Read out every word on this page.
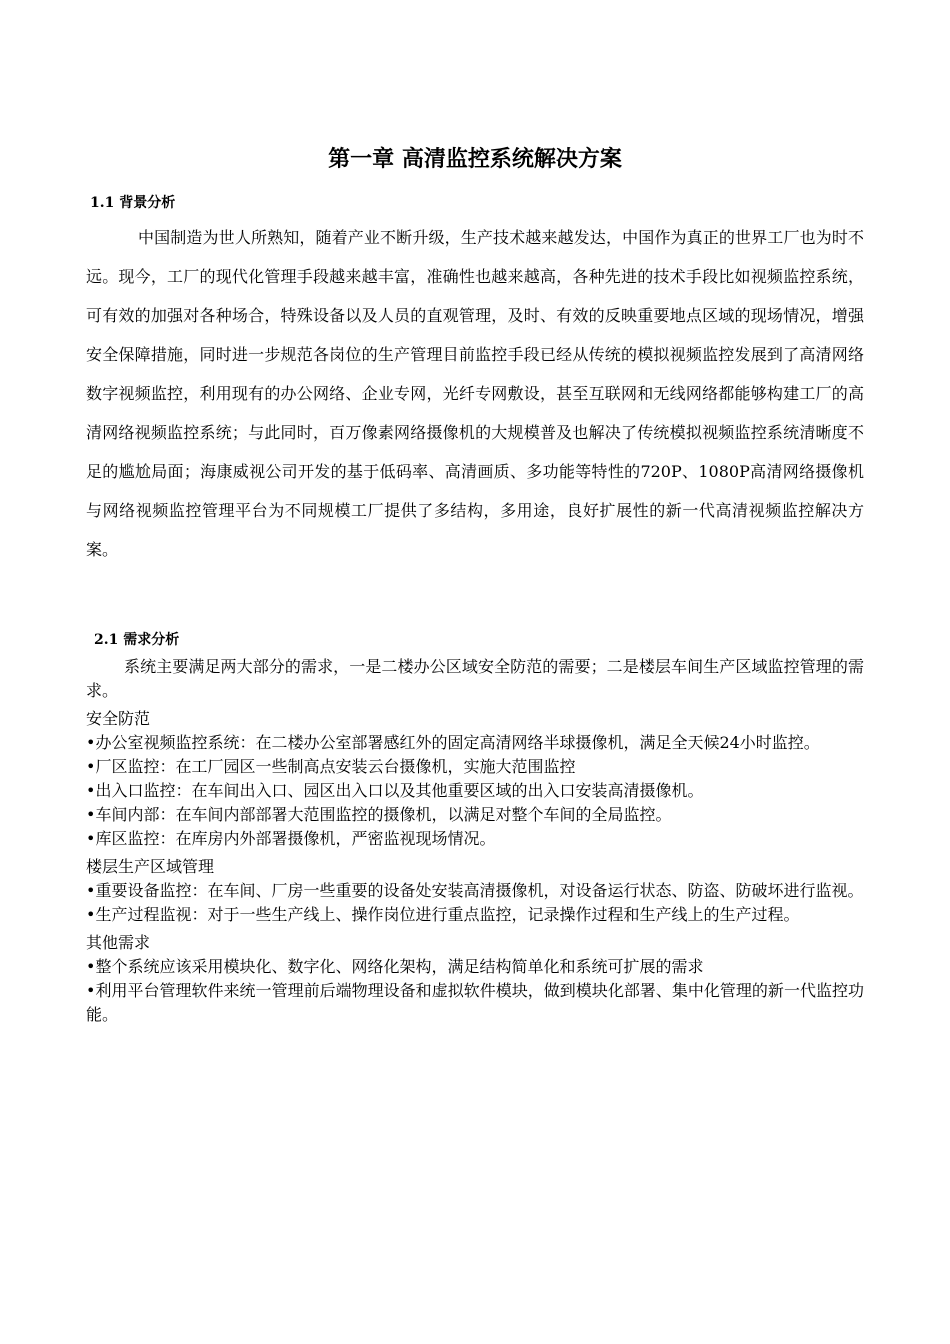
第一章 高清监控系统解决方案
1.1 背景分析

中国制造为世人所熟知，随着产业不断升级，生产技术越来越发达，中国作为真正的世界工厂也为时不远。现今，工厂的现代化管理手段越来越丰富，准确性也越来越高，各种先进的技术手段比如视频监控系统，可有效的加强对各种场合，特殊设备以及人员的直观管理，及时、有效的反映重要地点区域的现场情况，增强安全保障措施，同时进一步规范各岗位的生产管理目前监控手段已经从传统的模拟视频监控发展到了高清网络数字视频监控，利用现有的办公网络、企业专网，光纤专网敷设，甚至互联网和无线网络都能够构建工厂的高清网络视频监控系统；与此同时，百万像素网络摄像机的大规模普及也解决了传统模拟视频监控系统清晰度不足的尴尬局面；海康威视公司开发的基于低码率、高清画质、多功能等特性的720P、1080P高清网络摄像机与网络视频监控管理平台为不同规模工厂提供了多结构，多用途，良好扩展性的新一代高清视频监控解决方案。

2.1 需求分析

系统主要满足两大部分的需求，一是二楼办公区域安全防范的需要；二是楼层车间生产区域监控管理的需求。

安全防范

•办公室视频监控系统：在二楼办公室部署感红外的固定高清网络半球摄像机，满足全天候24小时监控。

•厂区监控：在工厂园区一些制高点安装云台摄像机，实施大范围监控

•出入口监控：在车间出入口、园区出入口以及其他重要区域的出入口安装高清摄像机。

•车间内部：在车间内部部署大范围监控的摄像机，以满足对整个车间的全局监控。

•库区监控：在库房内外部署摄像机，严密监视现场情况。

楼层生产区域管理

•重要设备监控：在车间、厂房一些重要的设备处安装高清摄像机，对设备运行状态、防盗、防破坏进行监视。

•生产过程监视：对于一些生产线上、操作岗位进行重点监控，记录操作过程和生产线上的生产过程。

其他需求

•整个系统应该采用模块化、数字化、网络化架构，满足结构简单化和系统可扩展的需求

•利用平台管理软件来统一管理前后端物理设备和虚拟软件模块，做到模块化部署、集中化管理的新一代监控功能。
